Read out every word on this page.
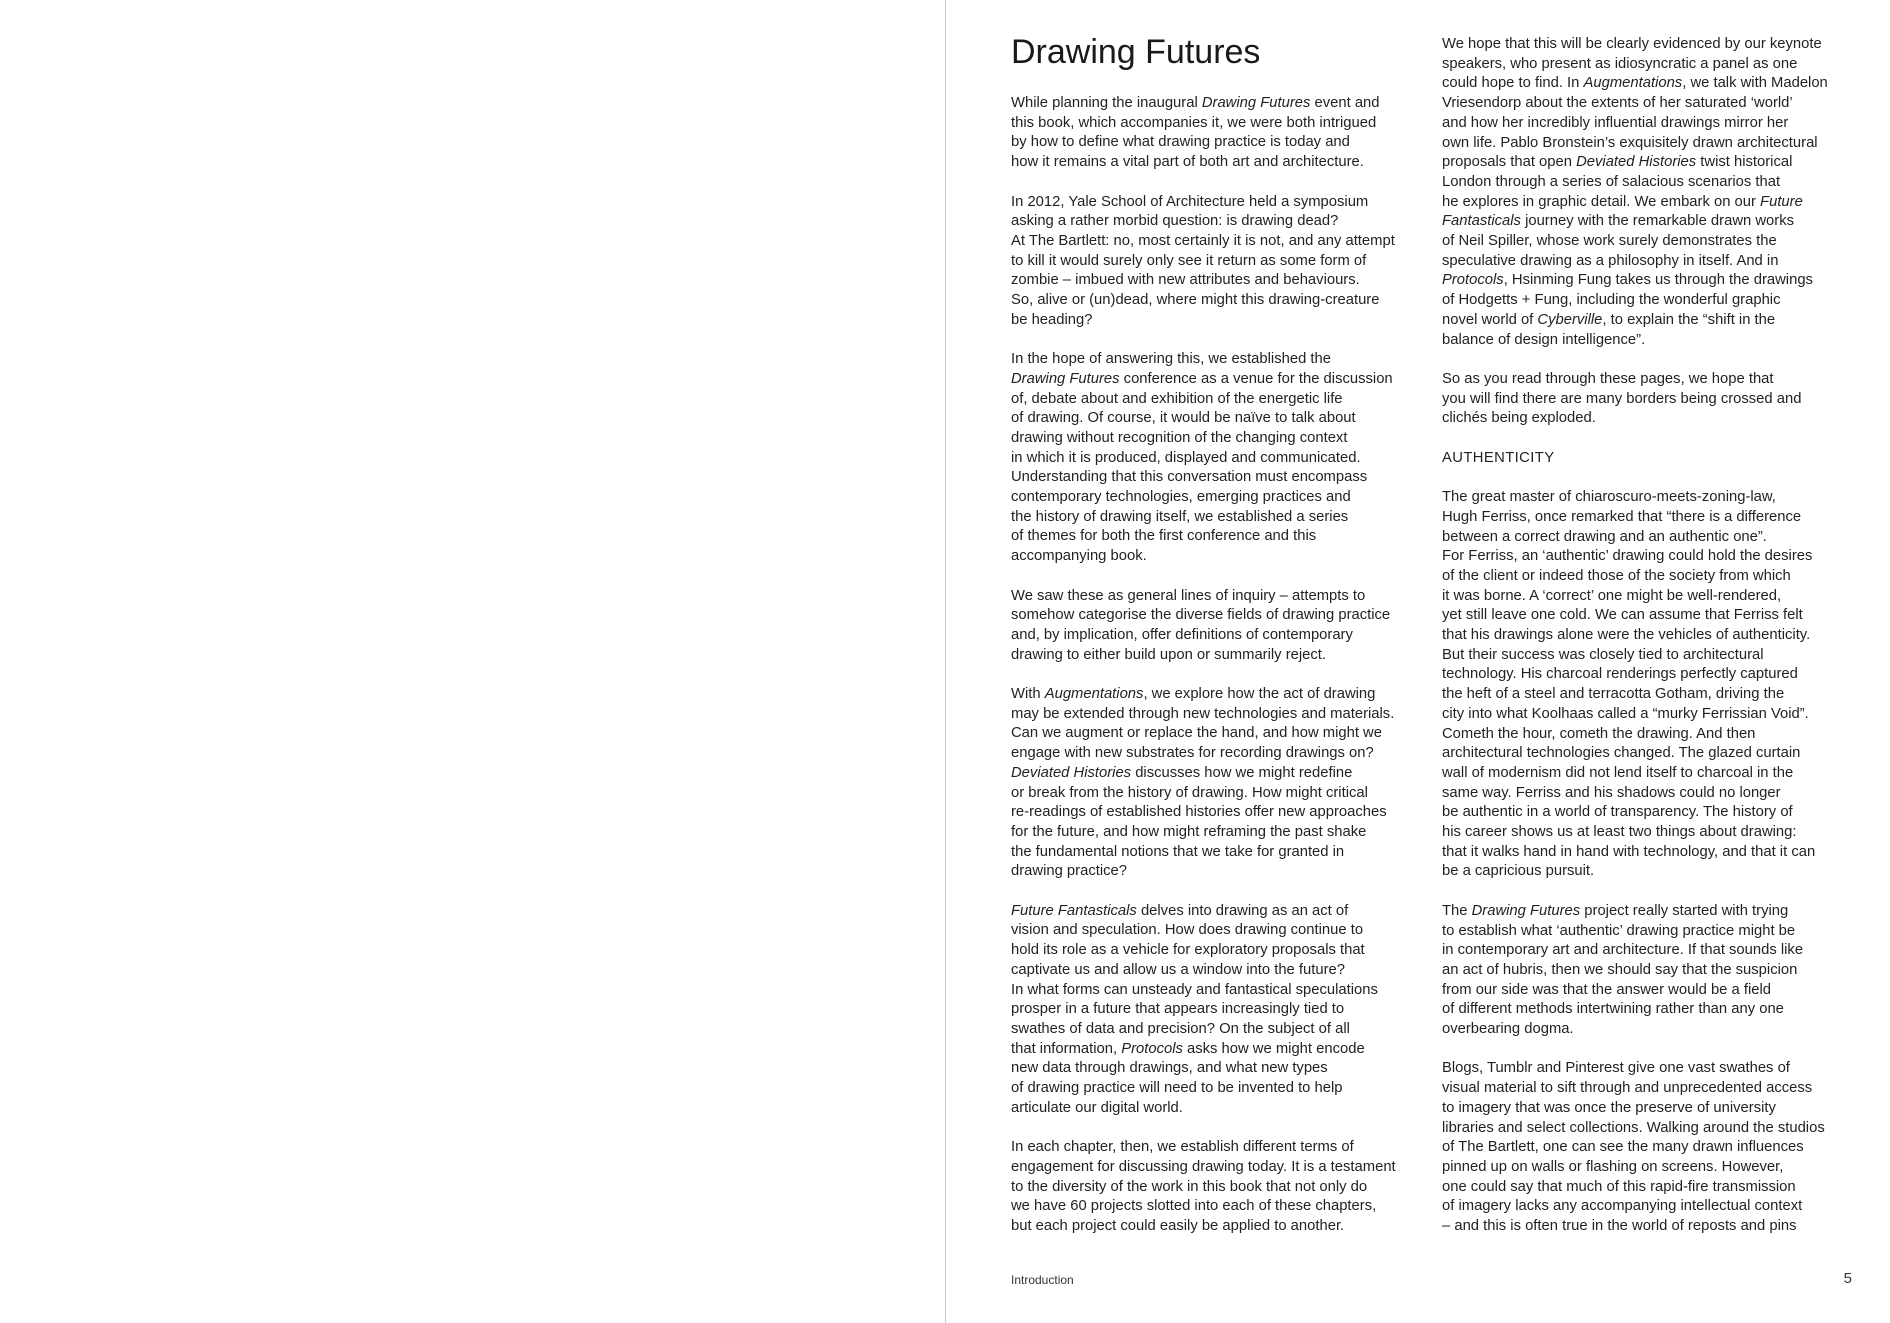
Drawing Futures

While planning the inaugural Drawing Futures event and
this book, which accompanies it, we were both intrigued
by how to define what drawing practice is today and
how it remains a vital part of both art and architecture.

In 2012, Yale School of Architecture held a symposium
asking a rather morbid question: is drawing dead?
At The Bartlett: no, most certainly it is not, and any attempt
to kill it would surely only see it return as some form of
zombie – imbued with new attributes and behaviours.
So, alive or (un)dead, where might this drawing-creature
be heading?

In the hope of answering this, we established the
Drawing Futures conference as a venue for the discussion
of, debate about and exhibition of the energetic life
of drawing. Of course, it would be naïve to talk about
drawing without recognition of the changing context
in which it is produced, displayed and communicated.
Understanding that this conversation must encompass
contemporary technologies, emerging practices and
the history of drawing itself, we established a series
of themes for both the first conference and this
accompanying book.

We saw these as general lines of inquiry – attempts to
somehow categorise the diverse fields of drawing practice
and, by implication, offer definitions of contemporary
drawing to either build upon or summarily reject.

With Augmentations, we explore how the act of drawing
may be extended through new technologies and materials.
Can we augment or replace the hand, and how might we
engage with new substrates for recording drawings on?
Deviated Histories discusses how we might redefine
or break from the history of drawing. How might critical
re-readings of established histories offer new approaches
for the future, and how might reframing the past shake
the fundamental notions that we take for granted in
drawing practice?

Future Fantasticals delves into drawing as an act of
vision and speculation. How does drawing continue to
hold its role as a vehicle for exploratory proposals that
captivate us and allow us a window into the future?
In what forms can unsteady and fantastical speculations
prosper in a future that appears increasingly tied to
swathes of data and precision? On the subject of all
that information, Protocols asks how we might encode
new data through drawings, and what new types
of drawing practice will need to be invented to help
articulate our digital world.

In each chapter, then, we establish different terms of
engagement for discussing drawing today. It is a testament
to the diversity of the work in this book that not only do
we have 60 projects slotted into each of these chapters,
but each project could easily be applied to another.

We hope that this will be clearly evidenced by our keynote
speakers, who present as idiosyncratic a panel as one
could hope to find. In Augmentations, we talk with Madelon
Vriesendorp about the extents of her saturated ‘world’
and how her incredibly influential drawings mirror her
own life. Pablo Bronstein’s exquisitely drawn architectural
proposals that open Deviated Histories twist historical
London through a series of salacious scenarios that
he explores in graphic detail. We embark on our Future
Fantasticals journey with the remarkable drawn works
of Neil Spiller, whose work surely demonstrates the
speculative drawing as a philosophy in itself. And in
Protocols, Hsinming Fung takes us through the drawings
of Hodgetts + Fung, including the wonderful graphic
novel world of Cyberville, to explain the “shift in the
balance of design intelligence”.

So as you read through these pages, we hope that
you will find there are many borders being crossed and
clichés being exploded.

AUTHENTICITY

The great master of chiaroscuro-meets-zoning-law,
Hugh Ferriss, once remarked that “there is a difference
between a correct drawing and an authentic one”.
For Ferriss, an ‘authentic’ drawing could hold the desires
of the client or indeed those of the society from which
it was borne. A ‘correct’ one might be well-rendered,
yet still leave one cold. We can assume that Ferriss felt
that his drawings alone were the vehicles of authenticity.
But their success was closely tied to architectural
technology. His charcoal renderings perfectly captured
the heft of a steel and terracotta Gotham, driving the
city into what Koolhaas called a “murky Ferrissian Void”.
Cometh the hour, cometh the drawing. And then
architectural technologies changed. The glazed curtain
wall of modernism did not lend itself to charcoal in the
same way. Ferriss and his shadows could no longer
be authentic in a world of transparency. The history of
his career shows us at least two things about drawing:
that it walks hand in hand with technology, and that it can
be a capricious pursuit.

The Drawing Futures project really started with trying
to establish what ‘authentic’ drawing practice might be
in contemporary art and architecture. If that sounds like
an act of hubris, then we should say that the suspicion
from our side was that the answer would be a field
of different methods intertwining rather than any one
overbearing dogma.

Blogs, Tumblr and Pinterest give one vast swathes of
visual material to sift through and unprecedented access
to imagery that was once the preserve of university
libraries and select collections. Walking around the studios
of The Bartlett, one can see the many drawn influences
pinned up on walls or flashing on screens. However,
one could say that much of this rapid-fire transmission
of imagery lacks any accompanying intellectual context
– and this is often true in the world of reposts and pins

Introduction	5
